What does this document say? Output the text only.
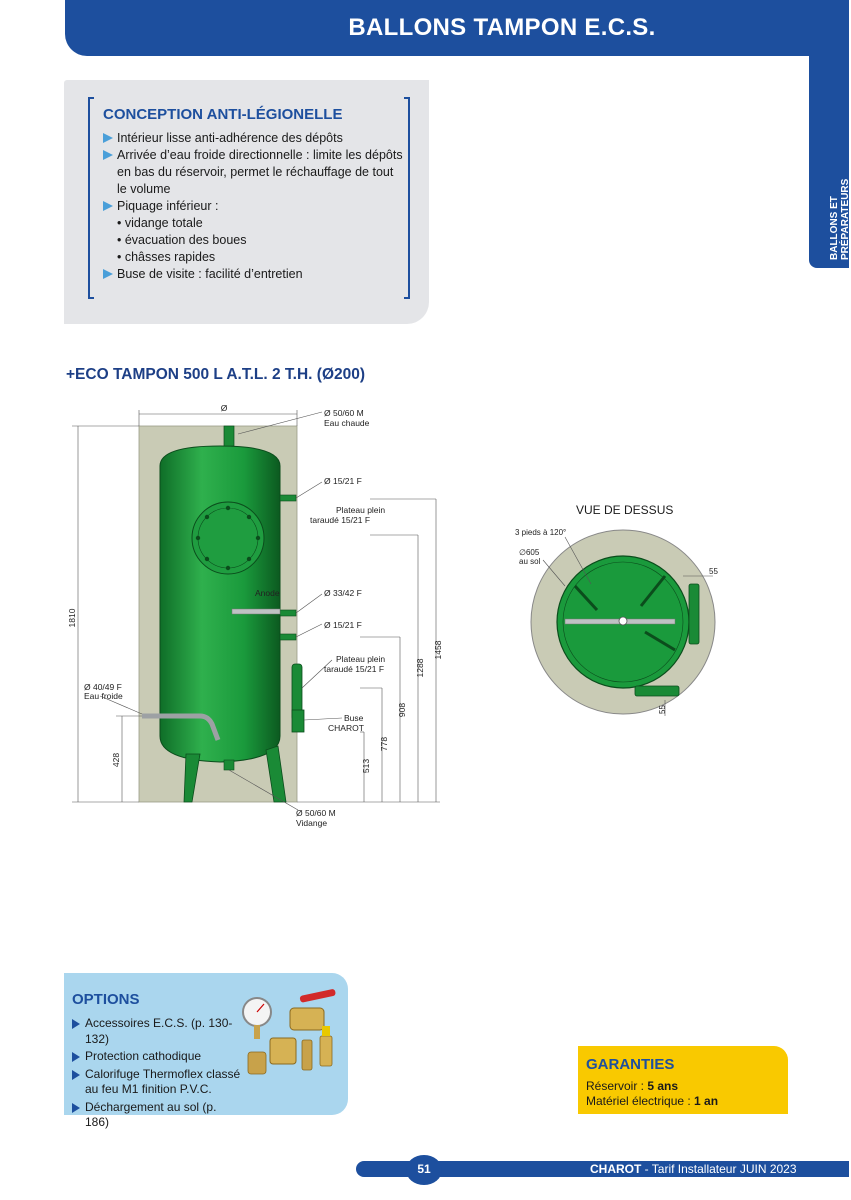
BALLONS TAMPON E.C.S.
BALLONS ET PRÉPARATEURS
CONCEPTION ANTI-LÉGIONELLE
Intérieur lisse anti-adhérence des dépôts
Arrivée d’eau froide directionnelle : limite les dépôts en bas du réservoir, permet le réchauffage de tout le volume
Piquage inférieur :
• vidange totale
• évacuation des boues
• châsses rapides
Buse de visite : facilité d’entretien
+ECO TAMPON 500 L A.T.L. 2 T.H. (Ø200)
Ø	Ø 50/60 M
Eau chaude
Ø 15/21 F
Plateau plein
taraudé 15/21 F
Anode	Ø 33/42 F
Ø 15/21 F
Plateau plein
taraudé 15/21 F
Ø 40/49 F
Eau froide
Buse
CHAROT
Ø 50/60 M
Vidange
1810
428	513
778
908
1288
1458
VUE DE DESSUS
3 pieds à 120°
∅605
au sol
55
55
OPTIONS
Accessoires E.C.S. (p. 130-132)
Protection cathodique
Calorifuge Thermoflex classé au feu M1 finition P.V.C.
Déchargement au sol (p. 186)
GARANTIES
Réservoir : 5 ans
Matériel électrique : 1 an
51	CHAROT - Tarif Installateur JUIN 2023
